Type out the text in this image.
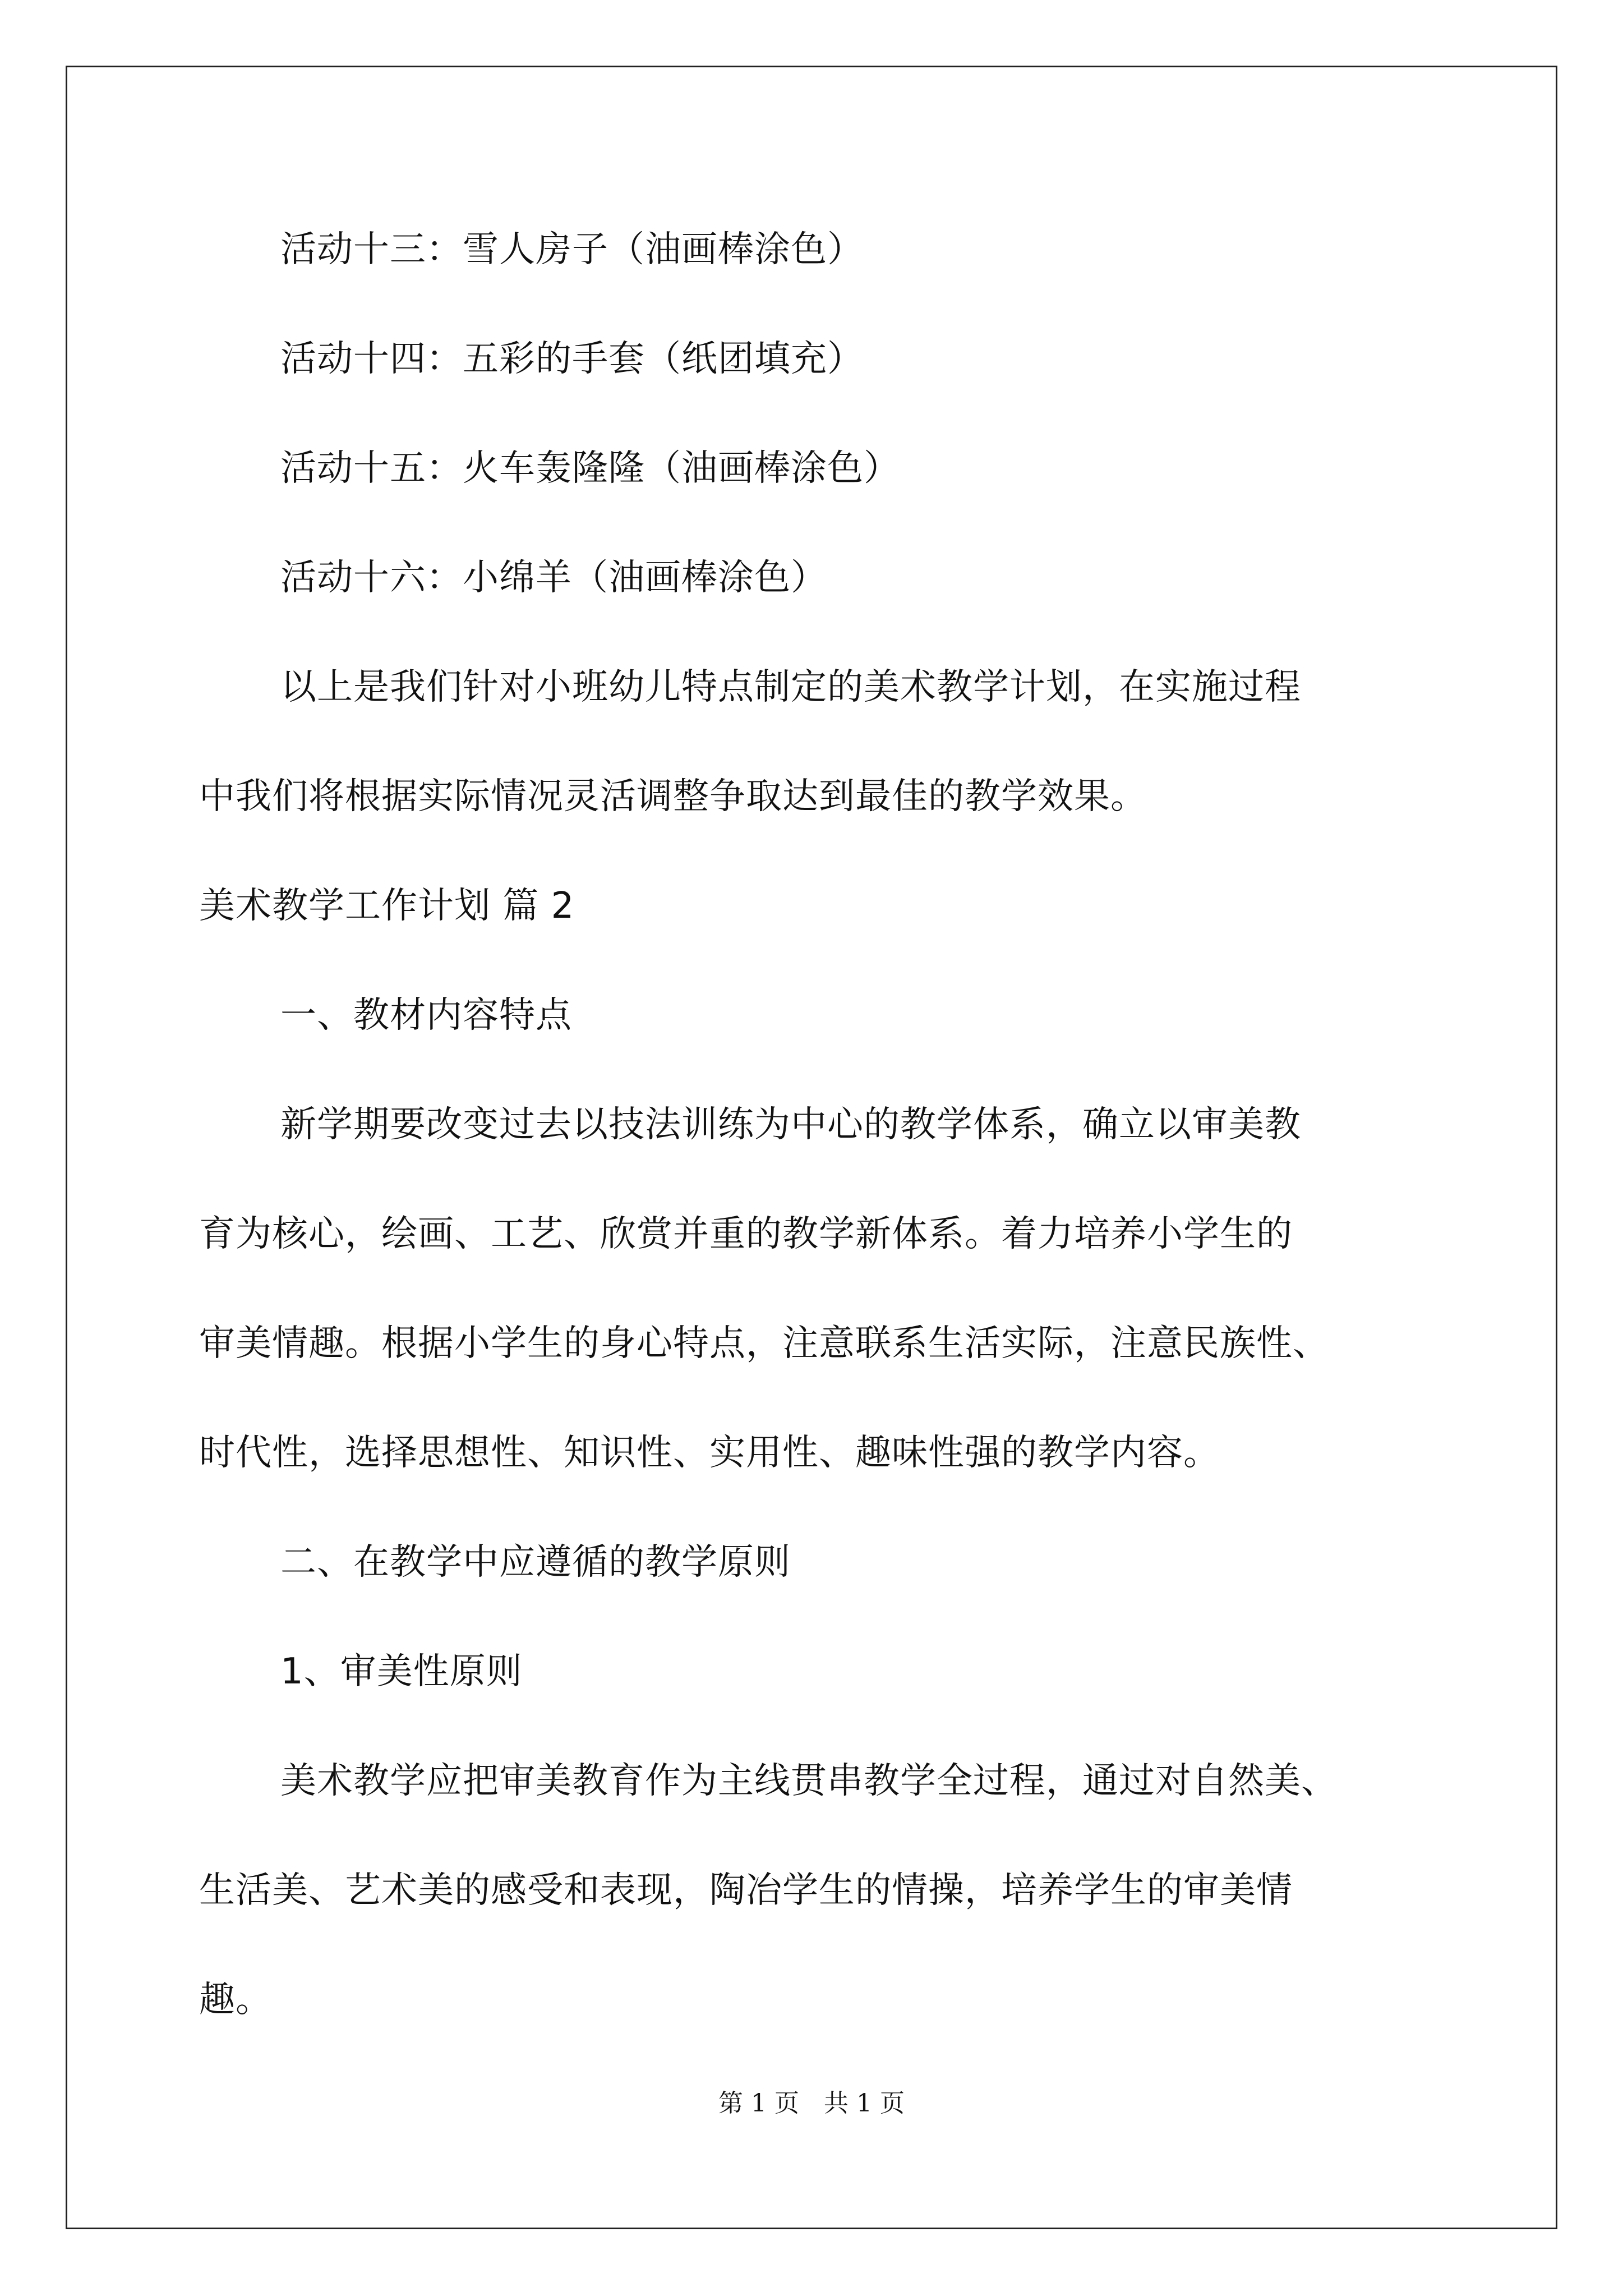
活动十三：雪人房子（油画棒涂色）
活动十四：五彩的手套（纸团填充）
活动十五：火车轰隆隆（油画棒涂色）
活动十六：小绵羊（油画棒涂色）
以上是我们针对小班幼儿特点制定的美术教学计划，在实施过程
中我们将根据实际情况灵活调整争取达到最佳的教学效果。
美术教学工作计划 篇 2
一、教材内容特点
新学期要改变过去以技法训练为中心的教学体系，确立以审美教
育为核心，绘画、工艺、欣赏并重的教学新体系。着力培养小学生的
审美情趣。根据小学生的身心特点，注意联系生活实际，注意民族性、
时代性，选择思想性、知识性、实用性、趣味性强的教学内容。
二、在教学中应遵循的教学原则
1、审美性原则
美术教学应把审美教育作为主线贯串教学全过程，通过对自然美、
生活美、艺术美的感受和表现，陶冶学生的情操，培养学生的审美情
趣。
第 1 页　共 1 页
